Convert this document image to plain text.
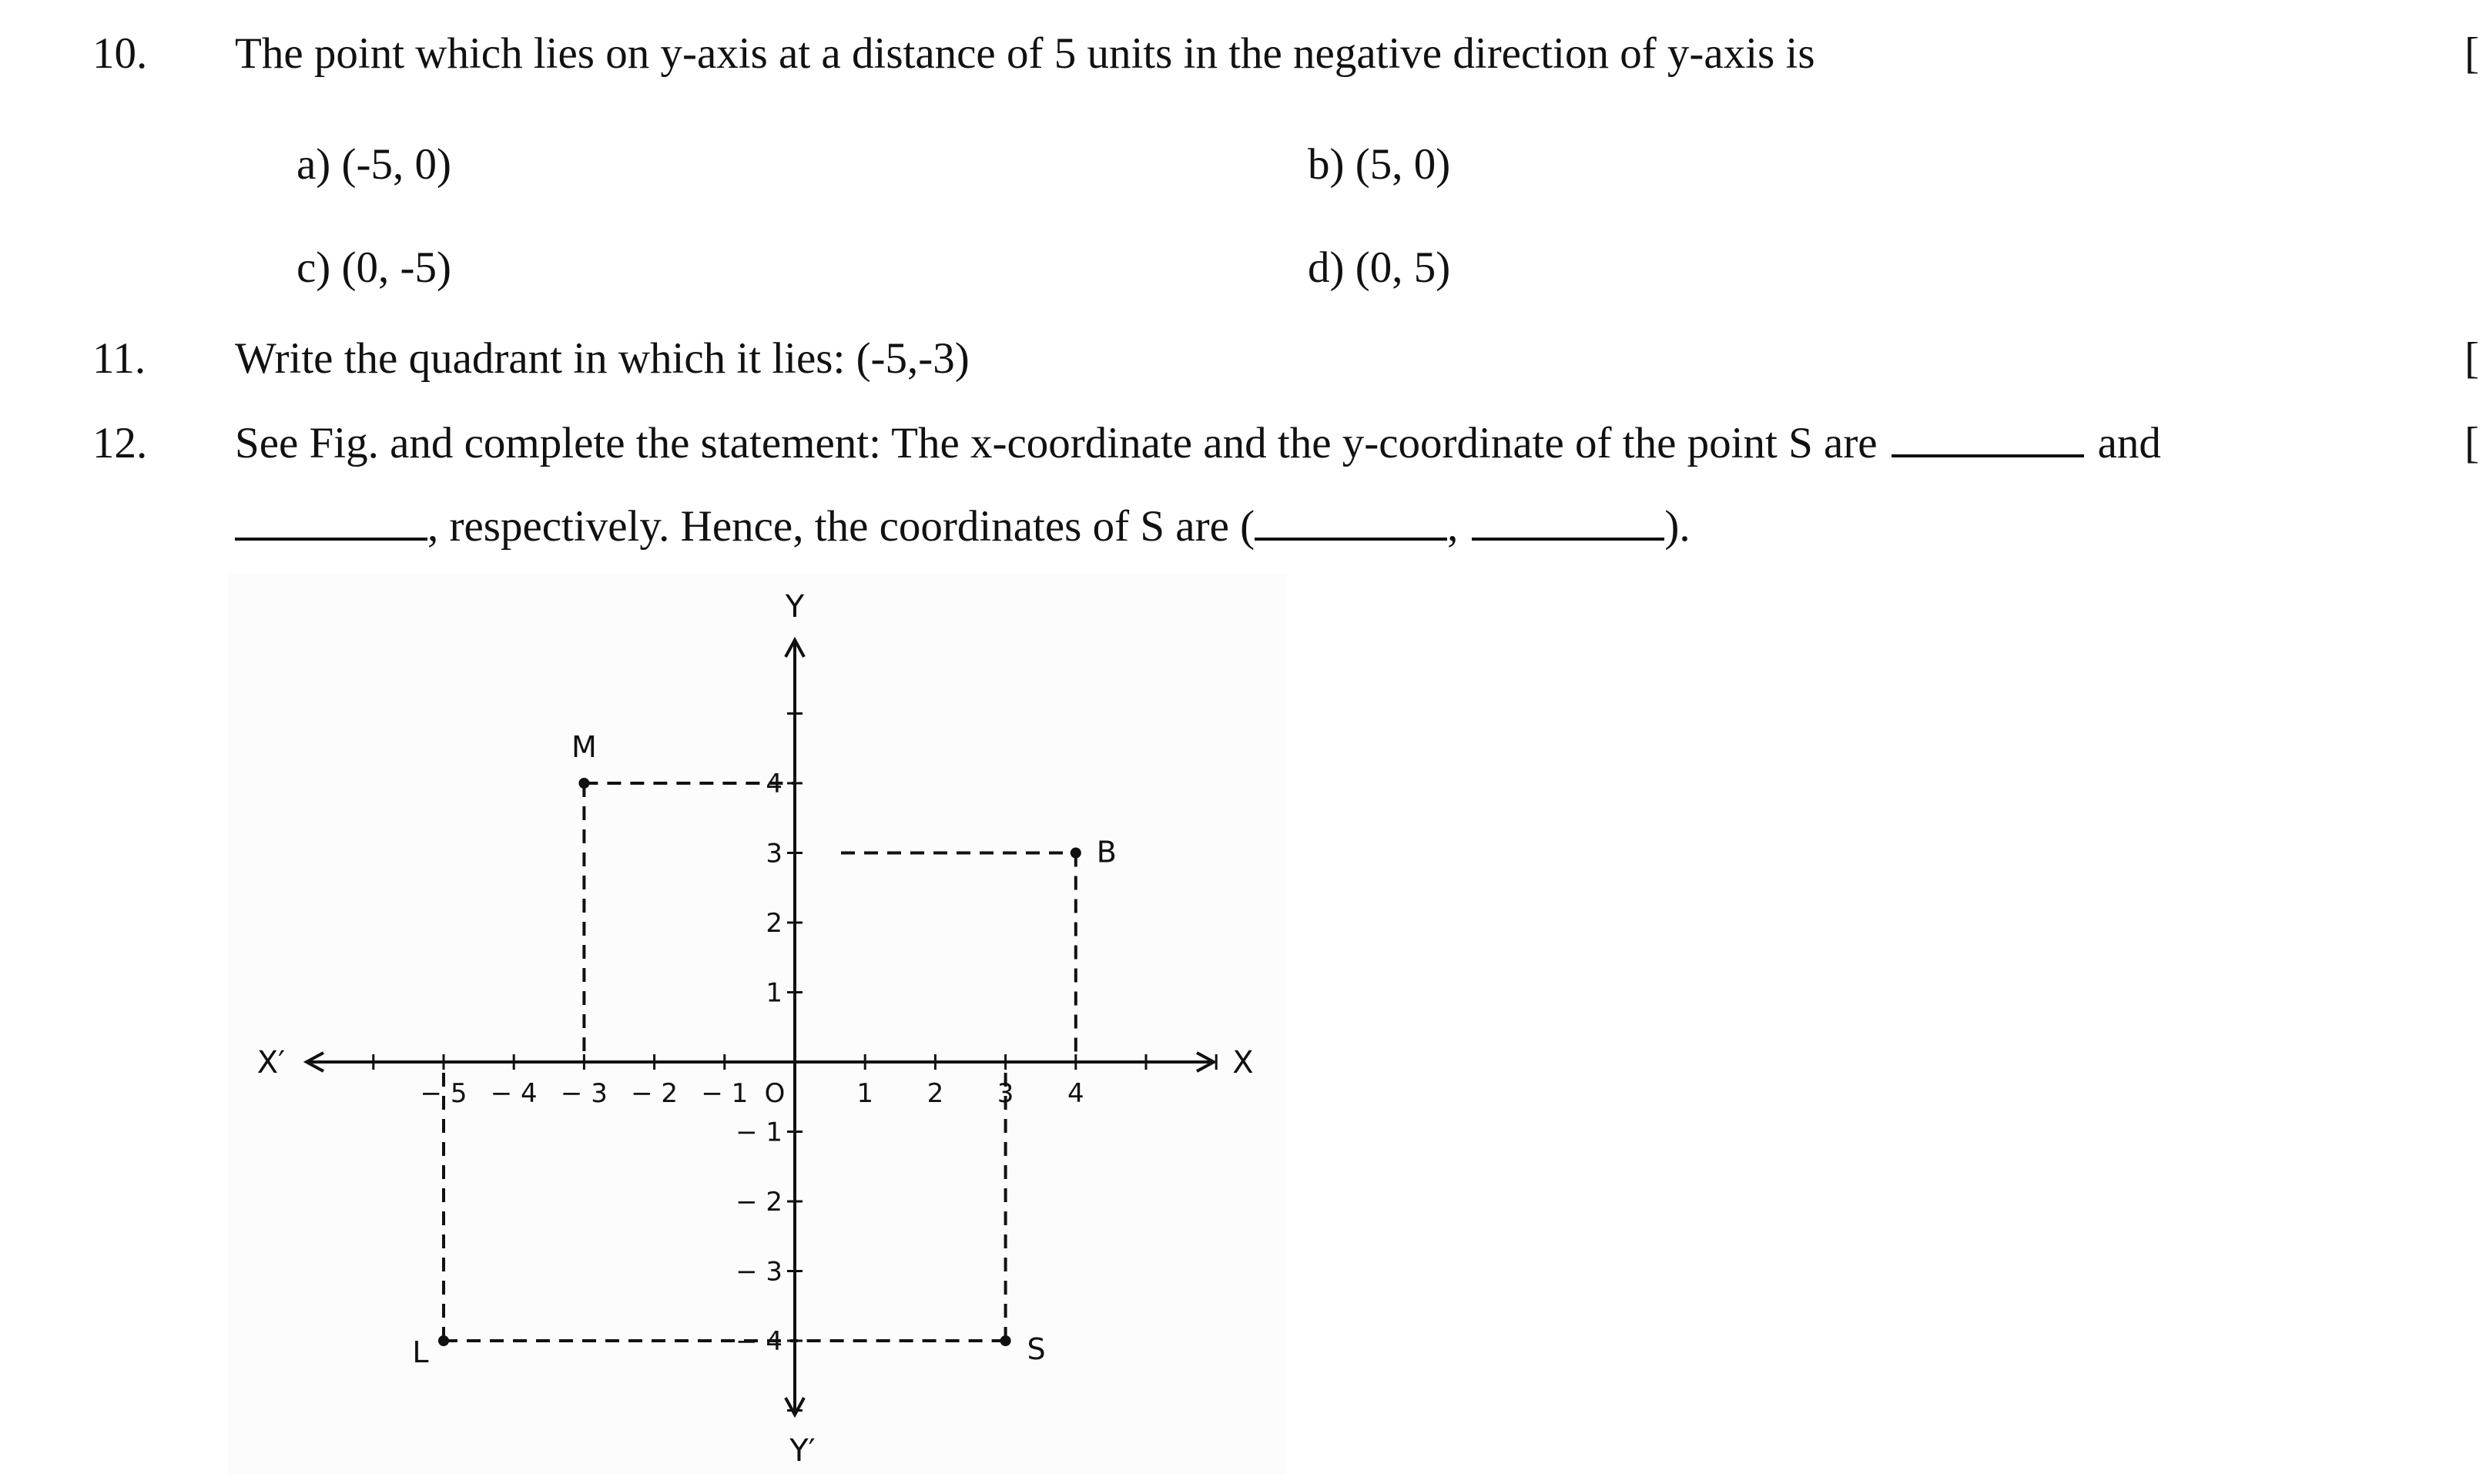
10. The point which lies on y-axis at a distance of 5 units in the negative direction of y-axis is	[
a) (-5, 0)	b) (5, 0)
c) (0, -5)	d) (0, 5)
11. Write the quadrant in which it lies: (-5,-3)	[
12. See Fig. and complete the statement: The x-coordinate and the y-coordinate of the point S are	and	[
, respectively. Hence, the coordinates of S are (	,	).
− 5 − 4 − 3 − 2 − 1	1 2 3 4
4
3
2
1
− 1
− 2
− 3
− 4
X
X′
Y
Y′
O
M
B
L	S
